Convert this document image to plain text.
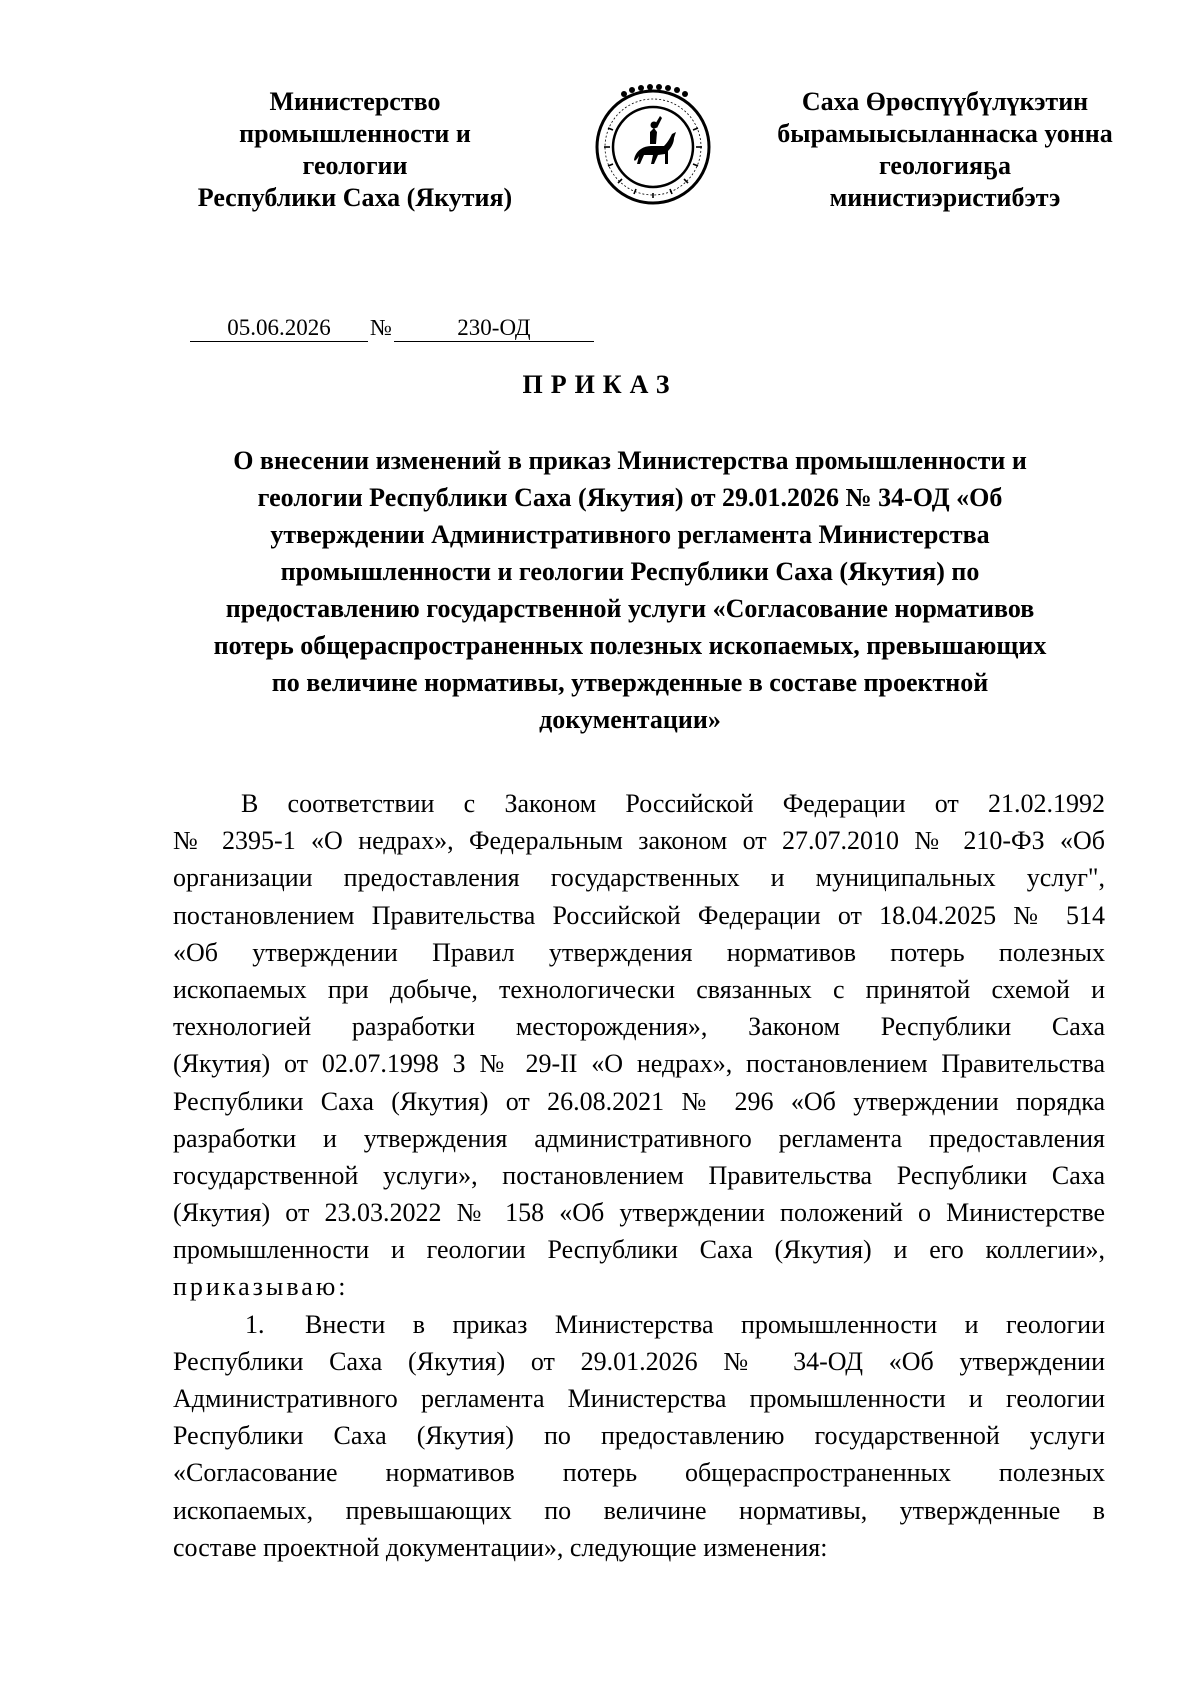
Министерство
промышленности и
геологии
Республики Саха (Якутия)
Саха Өрөспүүбүлүкэтин
бырамыысыланнаска уонна
геологияҕа
министиэристибэтэ
05.06.2026 №	230-ОД
ПРИКАЗ
О внесении изменений в приказ Министерства промышленности и
геологии Республики Саха (Якутия) от 29.01.2026 № 34-ОД «Об
утверждении Административного регламента Министерства
промышленности и геологии Республики Саха (Якутия) по
предоставлению государственной услуги «Согласование нормативов
потерь общераспространенных полезных ископаемых, превышающих
по величине нормативы, утвержденные в составе проектной
документации»
В соответствии с Законом Российской Федерации от 21.02.1992
№ 2395-1 «О недрах», Федеральным законом от 27.07.2010 № 210-ФЗ «Об
организации предоставления государственных и муниципальных услуг",
постановлением Правительства Российской Федерации от 18.04.2025 № 514
«Об утверждении Правил утверждения нормативов потерь полезных
ископаемых при добыче, технологически связанных с принятой схемой и
технологией разработки месторождения», Законом Республики Саха
(Якутия) от 02.07.1998 З № 29-II «О недрах», постановлением Правительства
Республики Саха (Якутия) от 26.08.2021 № 296 «Об утверждении порядка
разработки и утверждения административного регламента предоставления
государственной услуги», постановлением Правительства Республики Саха
(Якутия) от 23.03.2022 № 158 «Об утверждении положений о Министерстве
промышленности и геологии Республики Саха (Якутия) и его коллегии»,
приказываю:
1. Внести в приказ Министерства промышленности и геологии
Республики Саха (Якутия) от 29.01.2026 № 34-ОД «Об утверждении
Административного регламента Министерства промышленности и геологии
Республики Саха (Якутия) по предоставлению государственной услуги
«Согласование нормативов потерь общераспространенных полезных
ископаемых, превышающих по величине нормативы, утвержденные в
составе проектной документации», следующие изменения:
